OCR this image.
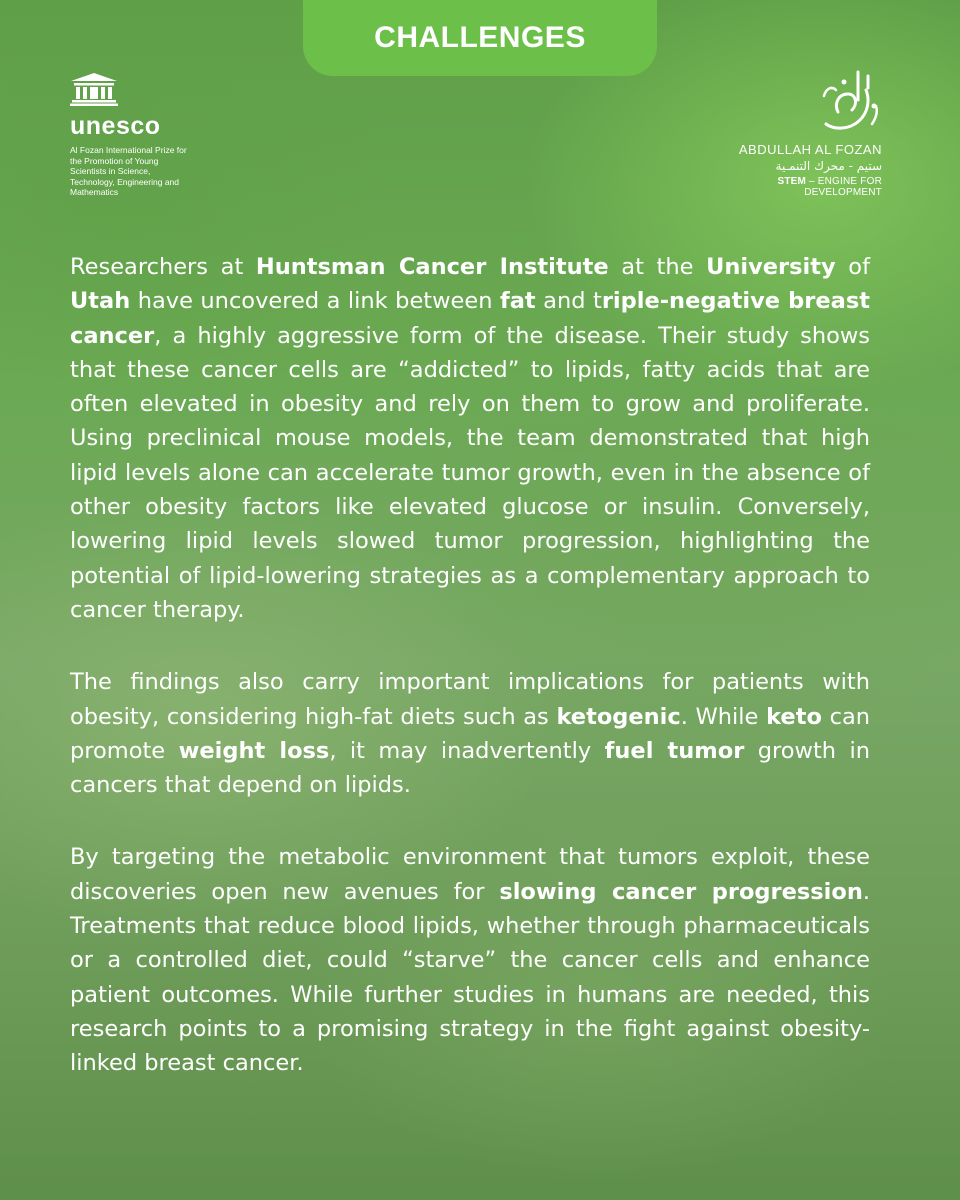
CHALLENGES
unesco
Al Fozan International Prize for the Promotion of Young Scientists in Science, Technology, Engineering and Mathematics
ABDULLAH AL FOZAN
ستيم - محرك التنمـية
STEM – ENGINE FOR DEVELOPMENT

Researchers at Huntsman Cancer Institute at the University of Utah have uncovered a link between fat and triple-negative breast cancer, a highly aggressive form of the disease. Their study shows that these cancer cells are “addicted” to lipids, fatty acids that are often elevated in obesity and rely on them to grow and proliferate. Using preclinical mouse models, the team demonstrated that high lipid levels alone can accelerate tumor growth, even in the absence of other obesity factors like elevated glucose or insulin. Conversely, lowering lipid levels slowed tumor progression, highlighting the potential of lipid-lowering strategies as a complementary approach to cancer therapy.

The findings also carry important implications for patients with obesity, considering high-fat diets such as ketogenic. While keto can promote weight loss, it may inadvertently fuel tumor growth in cancers that depend on lipids.

By targeting the metabolic environment that tumors exploit, these discoveries open new avenues for slowing cancer progression. Treatments that reduce blood lipids, whether through pharmaceuticals or a controlled diet, could “starve” the cancer cells and enhance patient outcomes. While further studies in humans are needed, this research points to a promising strategy in the fight against obesity-linked breast cancer.
